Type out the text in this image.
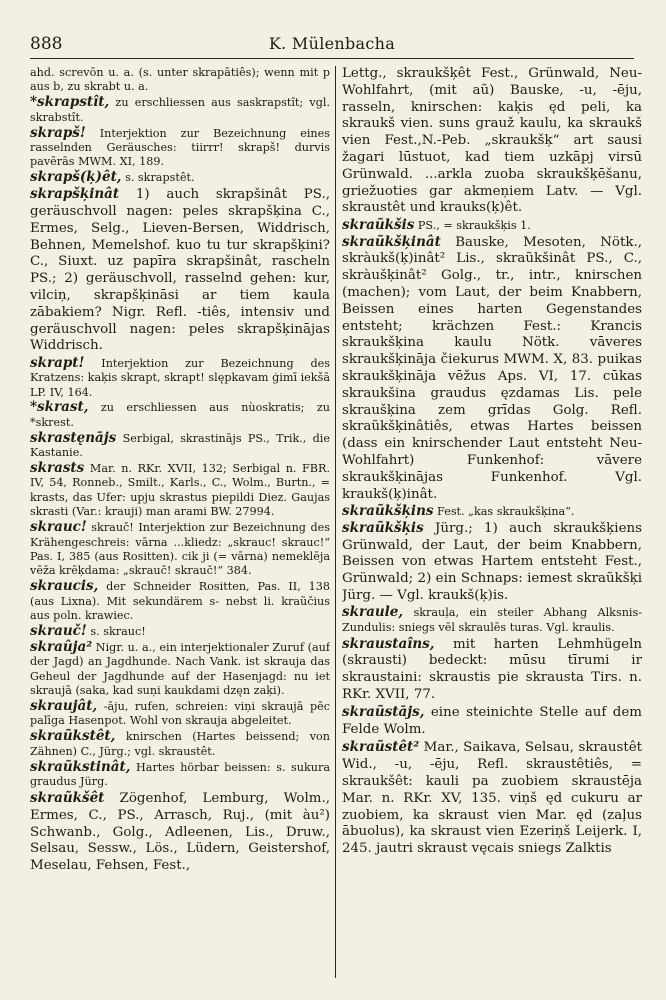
888	K. Mülenbacha

ahd. screvōn u. a. (s. unter skrapātiês); wenn mit p aus b, zu skrabt u. a.

*skrapstît, zu erschliessen aus saskrapstît; vgl. skrabstît.

skrapš! Interjektion zur Bezeichnung eines rasselnden Geräusches: tiirrr! skrapš! durvis pavērās MWM. XI, 189.

skrapš(ķ)êt, s. skrapstêt.

skrapšķinât 1) auch skrapšinât PS., geräuschvoll nagen: peles skrapšķina C., Ermes, Selg., Lieven-Bersen, Widdrisch, Behnen, Memelshof. kuo tu tur skrapšķini? C., Siuxt. uz papīra skrapšinât, rascheln PS.; 2) geräuschvoll, rasselnd gehen: kur, vilciņ, skrapšķināsi ar tiem kaula zābakiem? Nigr. Refl. -tiês, intensiv und geräuschvoll nagen: peles skrapšķinājas Widdrisch.

skrapt! Interjektion zur Bezeichnung des Kratzens: kaķis skrapt, skrapt! slępkavam ģimī iekšā LP. IV, 164.

*skrast, zu erschliessen aus nùoskratis; zu *skrest.

skrastęnājs Serbigal, skrastinājs PS., Trik., die Kastanie.

skrasts Mar. n. RKr. XVII, 132; Serbigal n. FBR. IV, 54, Ronneb., Smilt., Karls., C., Wolm., Burtn., = krasts, das Ufer: upju skrastus piepildi Diez. Gaujas skrasti (Var.: krauji) man arami BW. 27994.

skrauc! skrauč! Interjektion zur Bezeichnung des Krähengeschreis: vārna ...kliedz: „skrauc! skrauc!“ Pas. I, 385 (aus Rositten). cik ji (= vārna) nemeklēja vēža krēķdama: „skrauč! skrauč!“ 384.

skraucis, der Schneider Rositten, Pas. II, 138 (aus Lixna). Mit sekundärem s- nebst li. kraũčius aus poln. krawiec.

skrauč! s. skrauc!

skraûja² Nigr. u. a., ein interjektionaler Zuruf (auf der Jagd) an Jagdhunde. Nach Vank. ist skrauja das Geheul der Jagdhunde auf der Hasenjagd: nu iet skraujā (saka, kad suņi kaukdami dzęn zaķi).

skraujât, -āju, rufen, schreien: viņi skraujā pēc palīga Hasenpot. Wohl von skrauja abgeleitet.

skraũkstêt, knirschen (Hartes beissend; von Zähnen) C., Jürg.; vgl. skraustêt.

skraũkstinât, Hartes hörbar beissen: s. sukura graudus Jürg.

skraũkšêt Zögenhof, Lemburg, Wolm., Ermes, C., PS., Arrasch, Ruj., (mit àu²) Schwanb., Golg., Adleenen, Lis., Druw., Selsau, Sessw., Lös., Lüdern, Geistershof, Meselau, Fehsen, Fest.,

Lettg., skraukšķêt Fest., Grünwald, Neu-Wohlfahrt, (mit aũ) Bauske, -u, -ēju, rasseln, knirschen: kaķis ęd peli, ka skraukš vien. suns grauž kaulu, ka skraukš vien Fest.,N.-Peb. „skraukšķ“ art sausi žagari lūstuot, kad tiem uzkāpj virsū Grünwald. ...arkla zuoba skraukšķēšanu, griežuoties gar akmeņiem Latv. — Vgl. skraustêt und krauks(ķ)êt.

skraũkšis PS., = skraukšķis 1.

skraũkšķinât Bauske, Mesoten, Nötk., skràukš(ķ)inât² Lis., skraũkšinât PS., C., skràušķinât² Golg., tr., intr., knirschen (machen); vom Laut, der beim Knabbern, Beissen eines harten Gegenstandes entsteht; krächzen Fest.: Krancis skraukšķina kaulu Nötk. vāveres skraukšķināja čiekurus MWM. X, 83. puikas skraukšķināja vēžus Aps. VI, 17. cūkas skraukšina graudus ęzdamas Lis. pele skraušķina zem grīdas Golg. Refl. skraũkšķinâtiês, etwas Hartes beissen (dass ein knirschender Laut entsteht Neu-Wohlfahrt) Funkenhof: vāvere skraukšķinājas Funkenhof.	Vgl. kraukš(ķ)inât.

skraũkšķins Fest. „kas skraukšķina“.

skraũkšķis Jürg.; 1) auch skraukšķiens Grünwald, der Laut, der beim Knabbern, Beissen von etwas Hartem entsteht Fest., Grünwald; 2) ein Schnaps: iemest skraũkšķi Jürg. — Vgl. kraukš(ķ)is.

skraule, skrauļa, ein steiler Abhang Alksnis-Zundulis: sniegs vēl skraulēs turas. Vgl. kraulis.

skraustaîns, mit harten Lehmhügeln (skrausti) bedeckt: mūsu tīrumi ir skraustaini: skraustis pie skrausta Tirs. n. RKr. XVII, 77.

skraũstājs, eine steinichte Stelle auf dem Felde Wolm.

skraũstêt² Mar., Saikava, Selsau, skraustêt Wid., -u, -ēju, Refl. skraustêtiês, = skraukšêt: kauli pa zuobiem skraustēja Mar. n. RKr. XV, 135. viņš ęd cukuru ar zuobiem, ka skraust vien Mar. ęd (zaļus ābuolus), ka skraust vien Ezeriņš Leijerk. I, 245. jautri skraust vęcais sniegs Zalktis
